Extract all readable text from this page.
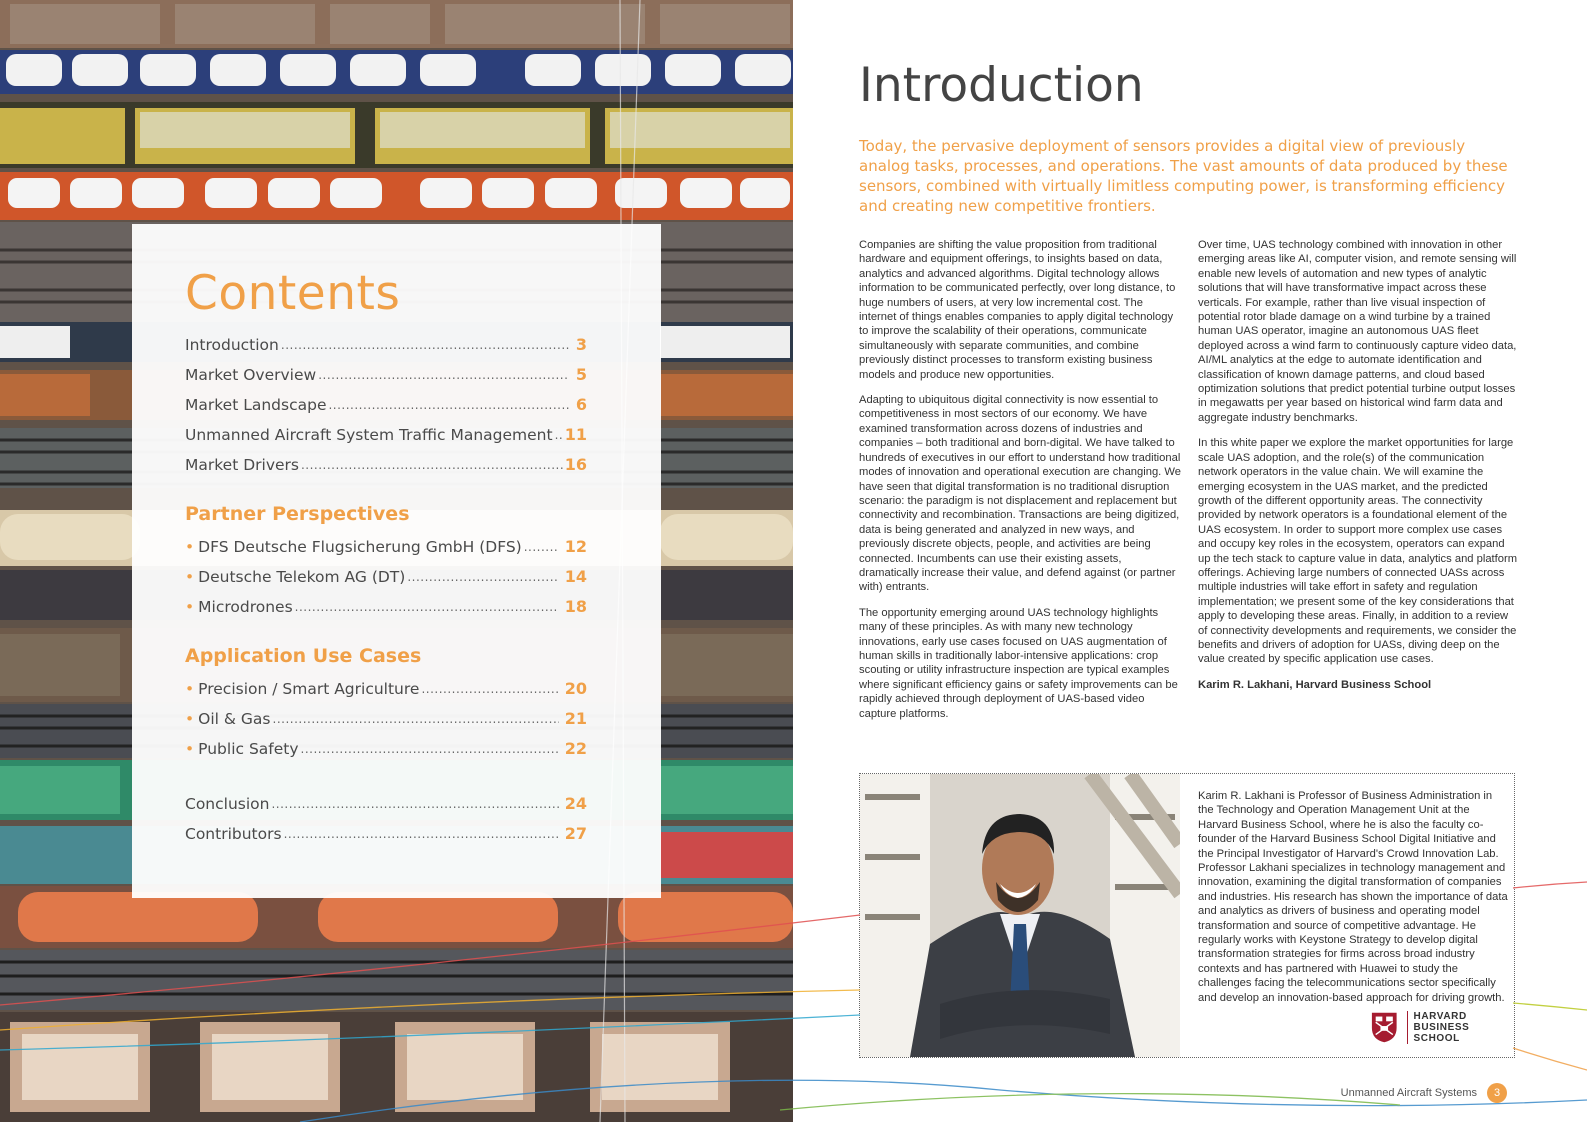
Contents
Introduction .....	3
Market Overview .....	5
Market Landscape .....	6
Unmanned Aircraft System Traffic Management ..... 11
Market Drivers .....	16
Partner Perspectives
• DFS Deutsche Flugsicherung GmbH (DFS) .....	12
• Deutsche Telekom AG (DT) .....	14
• Microdrones .....	18
Application Use Cases
• Precision / Smart Agriculture .....	20
• Oil & Gas .....	21
• Public Safety .....	22
Conclusion .....	24
Contributors .....	27
Introduction
Today, the pervasive deployment of sensors provides a digital view of previously analog tasks, processes, and operations. The vast amounts of data produced by these sensors, combined with virtually limitless computing power, is transforming efficiency and creating new competitive frontiers.

Companies are shifting the value proposition from traditional hardware and equipment offerings, to insights based on data, analytics and advanced algorithms. Digital technology allows information to be communicated perfectly, over long distance, to huge numbers of users, at very low incremental cost. The internet of things enables companies to apply digital technology to improve the scalability of their operations, communicate simultaneously with separate communities, and combine previously distinct processes to transform existing business models and produce new opportunities.

Adapting to ubiquitous digital connectivity is now essential to competitiveness in most sectors of our economy. We have examined transformation across dozens of industries and companies – both traditional and born-digital. We have talked to hundreds of executives in our effort to understand how traditional modes of innovation and operational execution are changing. We have seen that digital transformation is no traditional disruption scenario: the paradigm is not displacement and replacement but connectivity and recombination. Transactions are being digitized, data is being generated and analyzed in new ways, and previously discrete objects, people, and activities are being connected. Incumbents can use their existing assets, dramatically increase their value, and defend against (or partner with) entrants.

The opportunity emerging around UAS technology highlights many of these principles. As with many new technology innovations, early use cases focused on UAS augmentation of human skills in traditionally labor-intensive applications: crop scouting or utility infrastructure inspection are typical examples where significant efficiency gains or safety improvements can be rapidly achieved through deployment of UAS-based video capture platforms.

Over time, UAS technology combined with innovation in other emerging areas like AI, computer vision, and remote sensing will enable new levels of automation and new types of analytic solutions that will have transformative impact across these verticals. For example, rather than live visual inspection of potential rotor blade damage on a wind turbine by a trained human UAS operator, imagine an autonomous UAS fleet deployed across a wind farm to continuously capture video data, AI/ML analytics at the edge to automate identification and classification of known damage patterns, and cloud based optimization solutions that predict potential turbine output losses in megawatts per year based on historical wind farm data and aggregate industry benchmarks.

In this white paper we explore the market opportunities for large scale UAS adoption, and the role(s) of the communication network operators in the value chain. We will examine the emerging ecosystem in the UAS market, and the predicted growth of the different opportunity areas. The connectivity provided by network operators is a foundational element of the UAS ecosystem. In order to support more complex use cases and occupy key roles in the ecosystem, operators can expand up the tech stack to capture value in data, analytics and platform offerings. Achieving large numbers of connected UASs across multiple industries will take effort in safety and regulation implementation; we present some of the key considerations that apply to developing these areas. Finally, in addition to a review of connectivity developments and requirements, we consider the benefits and drivers of adoption for UASs, diving deep on the value created by specific application use cases.

Karim R. Lakhani, Harvard Business School

Karim R. Lakhani is Professor of Business Administration in the Technology and Operation Management Unit at the Harvard Business School, where he is also the faculty co-founder of the Harvard Business School Digital Initiative and the Principal Investigator of Harvard's Crowd Innovation Lab. Professor Lakhani specializes in technology management and innovation, examining the digital transformation of companies and industries. His research has shown the importance of data and analytics as drivers of business and operating model transformation and source of competitive advantage. He regularly works with Keystone Strategy to develop digital transformation strategies for firms across broad industry contexts and has partnered with Huawei to study the challenges facing the telecommunications sector specifically and develop an innovation-based approach for driving growth.
HARVARD
BUSINESS SCHOOL
Unmanned Aircraft Systems	3
